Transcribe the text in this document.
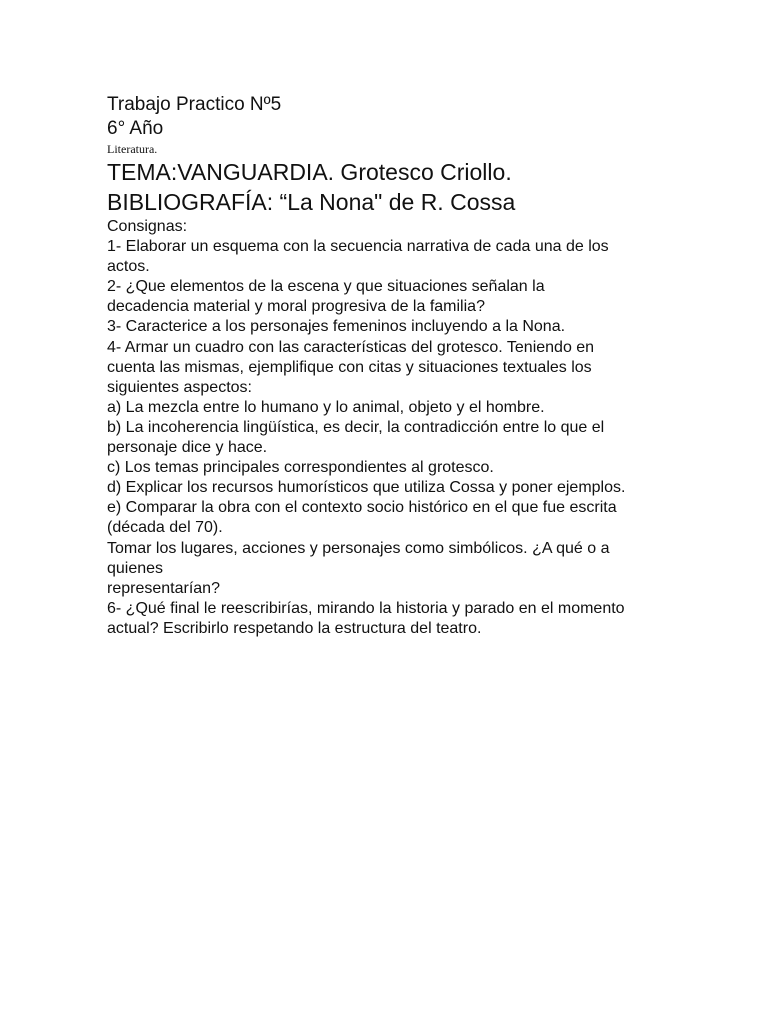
Trabajo Practico Nº5
6° Año
Literatura.
TEMA:VANGUARDIA. Grotesco Criollo.
BIBLIOGRAFÍA: “La Nona" de R. Cossa
Consignas:
1- Elaborar un esquema con la secuencia narrativa de cada una de los
actos.
2- ¿Que elementos de la escena y que situaciones señalan la
decadencia material y moral progresiva de la familia?
3- Caracterice a los personajes femeninos incluyendo a la Nona.
4- Armar un cuadro con las características del grotesco. Teniendo en
cuenta las mismas, ejemplifique con citas y situaciones textuales los
siguientes aspectos:
a) La mezcla entre lo humano y lo animal, objeto y el hombre.
b) La incoherencia lingüística, es decir, la contradicción entre lo que el
personaje dice y hace.
c) Los temas principales correspondientes al grotesco.
d) Explicar los recursos humorísticos que utiliza Cossa y poner ejemplos.
e) Comparar la obra con el contexto socio histórico en el que fue escrita
(década del 70).
Tomar los lugares, acciones y personajes como simbólicos. ¿A qué o a
quienes
representarían?
6- ¿Qué final le reescribirías, mirando la historia y parado en el momento
actual? Escribirlo respetando la estructura del teatro.
